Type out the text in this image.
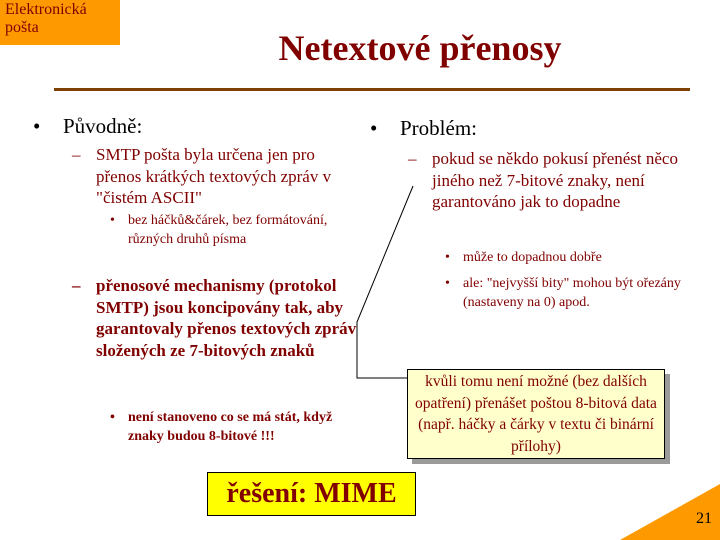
Elektronická
pošta
Netextové přenosy
•	Původně:
– SMTP pošta byla určena jen pro přenos krátkých textových zpráv v "čistém ASCII"
• bez háčků&čárek, bez formátování, různých druhů písma
– přenosové mechanismy (protokol SMTP) jsou koncipovány tak, aby garantovaly přenos textových zpráv složených ze 7-bitových znaků
• není stanoveno co se má stát, když znaky budou 8-bitové !!!
•	Problém:
– pokud se někdo pokusí přenést něco jiného než 7-bitové znaky, není garantováno jak to dopadne
• může to dopadnou dobře
• ale: "nejvyšší bity" mohou být ořezány (nastaveny na 0) apod.
kvůli tomu není možné (bez dalších opatření) přenášet poštou 8-bitová data (např. háčky a čárky v textu či binární přílohy)
řešení: MIME
21
